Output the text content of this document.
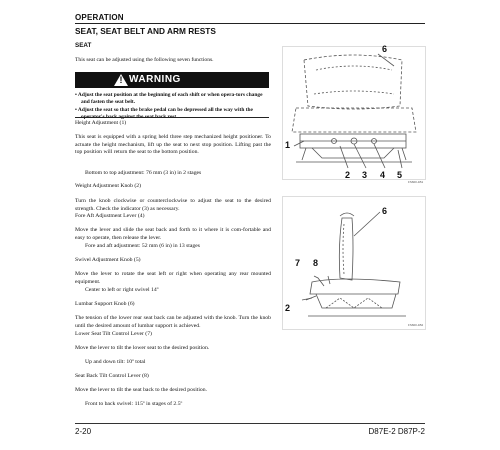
OPERATION
SEAT, SEAT BELT AND ARM RESTS
SEAT
This seat can be adjusted using the following seven functions.
! WARNING
• Adjust the seat position at the beginning of each shift or when opera-tors change and fasten the seat belt.
• Adjust the seat so that the brake pedal can be depressed all the way with the
Height Adjustment (1)
This seat is equipped with a spring held three step mechanized height positioner. To actuate the height mechanism, lift up the seat to next stop position. Lifting past the top position will return the seat to the bottom position.
Bottom to top adjustment: 76 mm (3 in) in 2 stages
Weight Adjustment Knob (2)
Turn the knob clockwise or counterclockwise to adjust the seat to the desired strength. Check the indicator (3) as necessary.
Fore Aft Adjustment Lever (4)
Move the lever and slide the seat back and forth to it where it is com-fortable and easy to operate, then release the lever.
Fore and aft adjustment: 52 mm (6 in) in 13 stages
Swivel Adjustment Knob (5)
Move the lever to rotate the seat left or right when operating any rear mounted equipment.
Center to left or right swivel 14º
Lumbar Support Knob (6)
The tension of the lower rear seat back can be adjusted with the knob. Turn the knob until the desired amount of lumbar support is achieved.
Lower Seat Tilt Control Lever (7)
Move the lever to tilt the lower seat to the desired position.
Up and down tilt: 10º total
Seat Back Tilt Control Lever (8)
Move the lever to tilt the seat back to the desired position.
Front to back swivel: 115º in stages of 2.5º
6
1
2 3 4 5
FS600-1B1
6
7 8
2
FS600-1B2
2-20	D87E-2 D87P-2
